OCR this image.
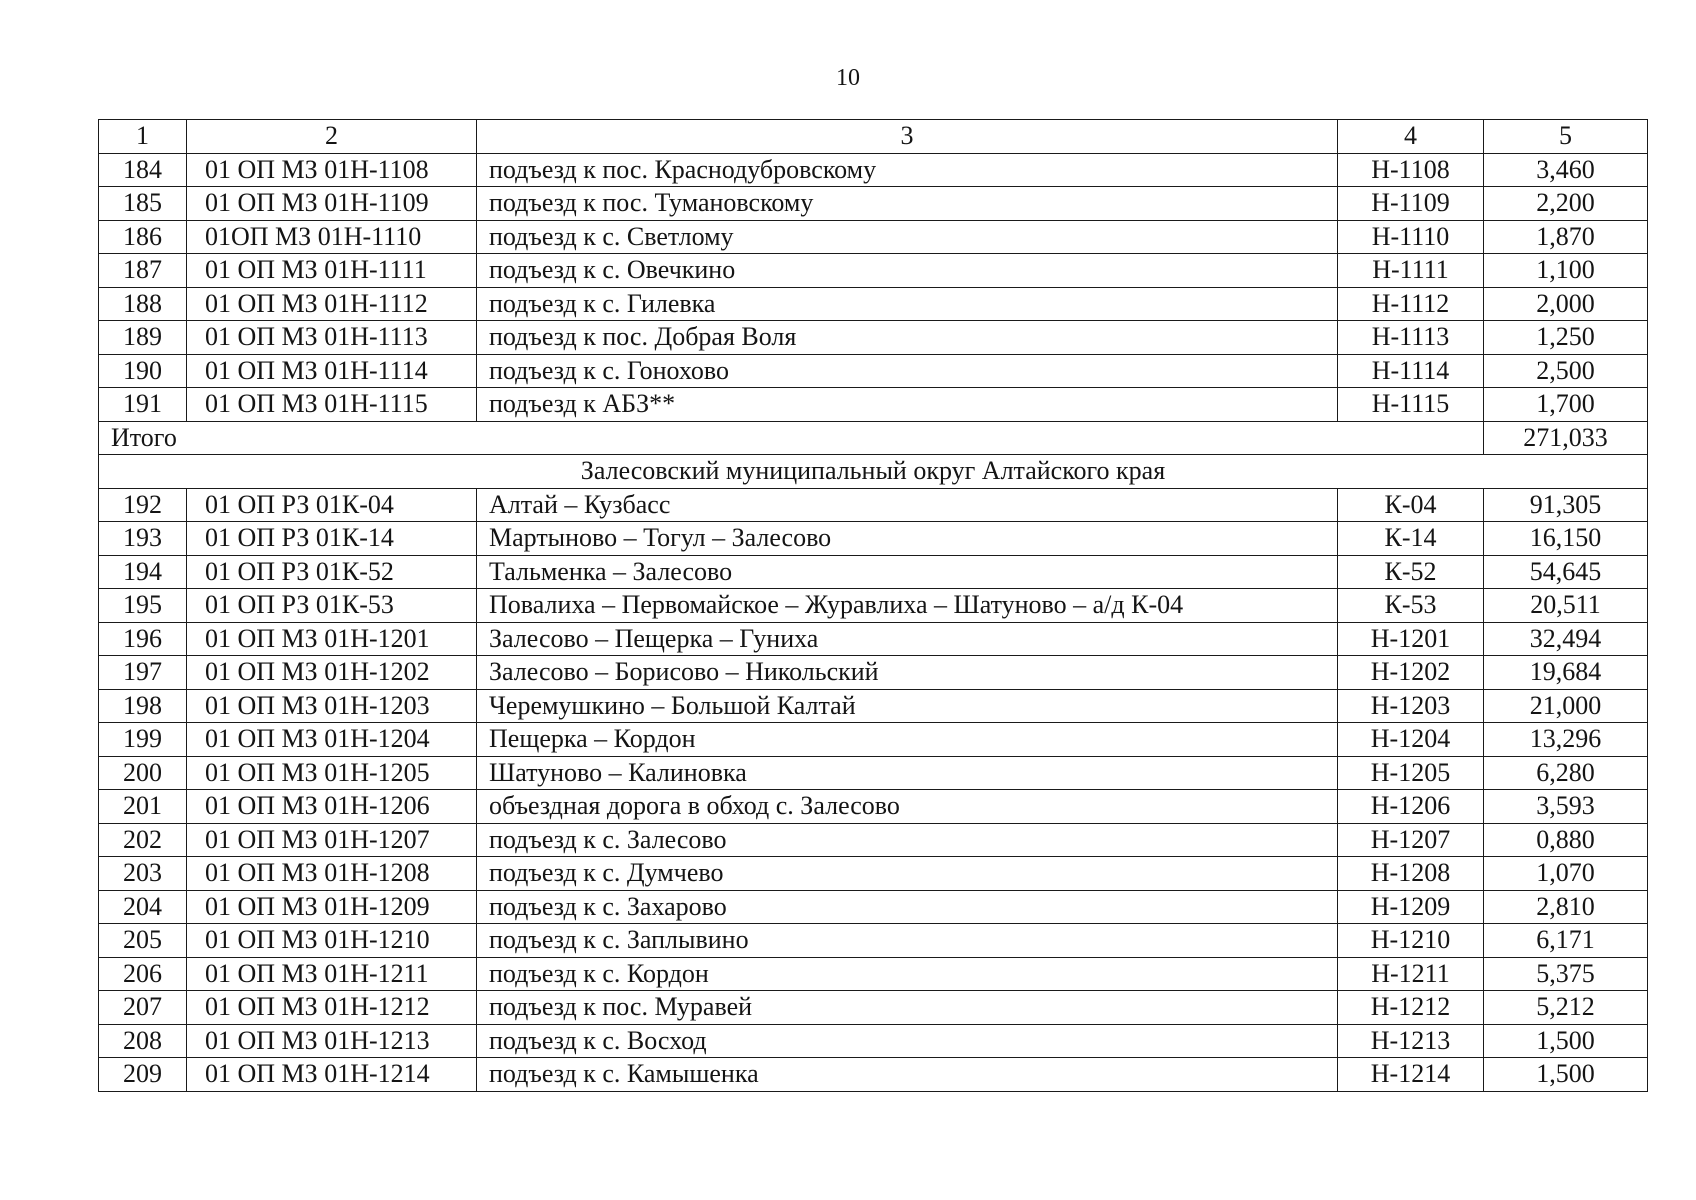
10
1	2	3	4	5
184	01 ОП МЗ 01Н-1108	подъезд к пос. Краснодубровскому	Н-1108	3,460
185	01 ОП МЗ 01Н-1109	подъезд к пос. Тумановскому	Н-1109	2,200
186	01ОП МЗ 01Н-1110	подъезд к с. Светлому	Н-1110	1,870
187	01 ОП МЗ 01Н-1111	подъезд к с. Овечкино	Н-1111	1,100
188	01 ОП МЗ 01Н-1112	подъезд к с. Гилевка	Н-1112	2,000
189	01 ОП МЗ 01Н-1113	подъезд к пос. Добрая Воля	Н-1113	1,250
190	01 ОП МЗ 01Н-1114	подъезд к с. Гонохово	Н-1114	2,500
191	01 ОП МЗ 01Н-1115	подъезд к АБЗ**	Н-1115	1,700
Итого				271,033
Залесовский муниципальный округ Алтайского края				
192	01 ОП РЗ 01К-04	Алтай – Кузбасс	К-04	91,305
193	01 ОП РЗ 01К-14	Мартыново – Тогул – Залесово	К-14	16,150
194	01 ОП РЗ 01К-52	Тальменка – Залесово	К-52	54,645
195	01 ОП РЗ 01К-53	Повалиха – Первомайское – Журавлиха – Шатуново – а/д К-04	К-53	20,511
196	01 ОП МЗ 01Н-1201	Залесово – Пещерка – Гуниха	Н-1201	32,494
197	01 ОП МЗ 01Н-1202	Залесово – Борисово – Никольский	Н-1202	19,684
198	01 ОП МЗ 01Н-1203	Черемушкино – Большой Калтай	Н-1203	21,000
199	01 ОП МЗ 01Н-1204	Пещерка – Кордон	Н-1204	13,296
200	01 ОП МЗ 01Н-1205	Шатуново – Калиновка	Н-1205	6,280
201	01 ОП МЗ 01Н-1206	объездная дорога в обход с. Залесово	Н-1206	3,593
202	01 ОП МЗ 01Н-1207	подъезд к с. Залесово	Н-1207	0,880
203	01 ОП МЗ 01Н-1208	подъезд к с. Думчево	Н-1208	1,070
204	01 ОП МЗ 01Н-1209	подъезд к с. Захарово	Н-1209	2,810
205	01 ОП МЗ 01Н-1210	подъезд к с. Заплывино	Н-1210	6,171
206	01 ОП МЗ 01Н-1211	подъезд к с. Кордон	Н-1211	5,375
207	01 ОП МЗ 01Н-1212	подъезд к пос. Муравей	Н-1212	5,212
208	01 ОП МЗ 01Н-1213	подъезд к с. Восход	Н-1213	1,500
209	01 ОП МЗ 01Н-1214	подъезд к с. Камышенка	Н-1214	1,500
